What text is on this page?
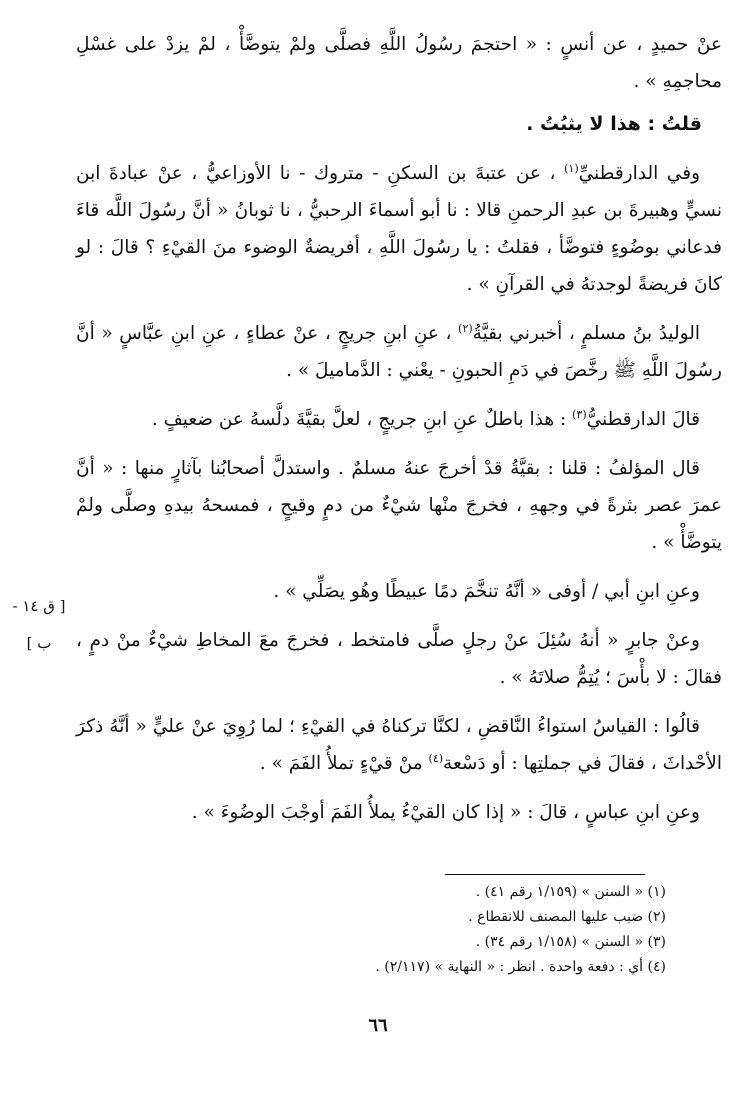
عنْ حميدٍ ، عن أنسٍ : « احتجمَ رسُولُ اللَّهِ فصلَّى ولمْ يتوضَّأْ ، لمْ يزدْ على غسْلِ محاجمِهِ » .

قلتُ : هذا لا يثبُتُ .

وفي الدارقطنيِّ$^{(١)}$ ، عن عتبةَ بن السكنِ - متروك - نا الأوزاعيُّ ، عنْ عبادةَ ابن نسيٍّ وهبيرةَ بن عبدِ الرحمنِ قالا : نا أبو أسماءَ الرحبيُّ ، نا ثوبانُ « أنَّ رسُولَ اللَّه قاءَ فدعاني بوضُوءٍ فتوضَّأ ، فقلتُ : يا رسُولَ اللَّهِ ، أفريضةٌ الوضوء منَ القيْءِ ؟ قالَ : لو كانَ فريضةً لوجدتهُ في القرآنِ » .

الوليدُ بنُ مسلمٍ ، أخبرني بقيَّةُ$^{(٢)}$ ، عنِ ابنِ جريجٍ ، عنْ عطاءٍ ، عنِ ابنِ عبَّاسٍ « أنَّ رسُولَ اللَّهِ ﷺ رخَّصَ في دَمِ الحبونِ - يعْني : الدَّماميلَ » .

قالَ الدارقطنيُّ$^{(٣)}$ : هذا باطلٌ عنِ ابنِ جريجٍ ، لعلَّ بقيَّةَ دلَّسهُ عن ضعيفٍ .

قال المؤلفُ : قلنا : بقيَّةُ قدْ أخرجَ عنهُ مسلمٌ . واستدلَّ أصحابُنا بآثارٍ منها : « أنَّ عمرَ عصر بثرةً في وجههِ ، فخرجَ منْها شيْءٌ من دمٍ وقيحٍ ، فمسحهُ بيدهِ وصلَّى ولمْ يتوضَّأْ » .

وعنِ ابنِ أبي / أوفى « أنَّهُ تنخَّمَ دمًا عبيطًا وهُو يصَلِّي » .

وعنْ جابرٍ « أنهُ سُئِلَ عنْ رجلٍ صلَّى فامتخط ، فخرجَ معَ المخاطِ شيْءٌ منْ دمٍ ، فقالَ : لا بأْسَ ؛ يُتِمُّ صلاتَهُ » .

قالُوا : القياسُ استواءُ النَّاقضِ ، لكنَّا تركناهُ في القيْءِ ؛ لما رُوِيَ عنْ عليٍّ « أنَّهُ ذكرَ الأحْداثَ ، فقالَ في جملتِها : أو دَسْعة$^{(٤)}$ منْ قيْءٍ تملأُ الفَمَ » .

وعنِ ابنِ عباسٍ ، قالَ : « إذا كان القيْءُ يملأُ الفَمَ أوجْبَ الوضُوءَ » .

[ ق ١٤ - ب ]

(١) « السنن » (١/١٥٩ رقم ٤١) .

(٢) ضبب عليها المصنف للانقطاع .

(٣) « السنن » (١/١٥٨ رقم ٣٤) .

(٤) أي : دفعة واحدة . انظر : « النهاية » (٢/١١٧) .

٦٦
